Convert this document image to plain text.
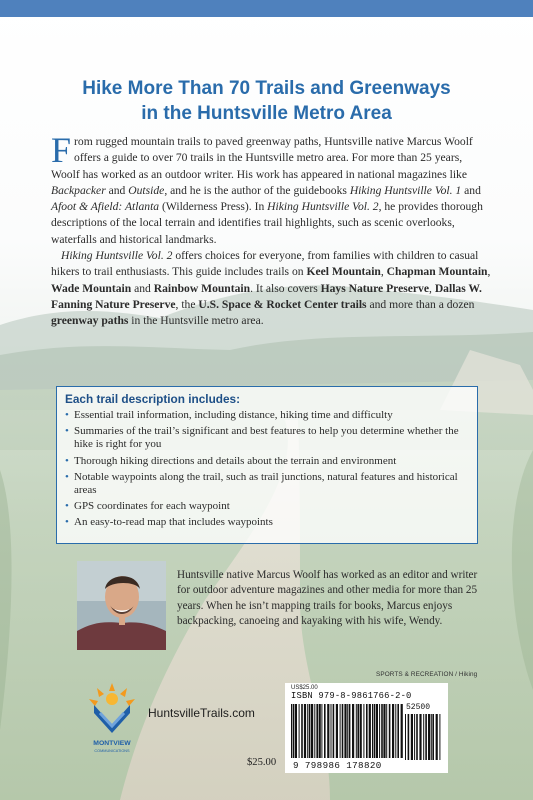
Hike More Than 70 Trails and Greenways
in the Huntsville Metro Area

From rugged mountain trails to paved greenway paths, Huntsville native Marcus Woolf offers a guide to over 70 trails in the Huntsville metro area. For more than 25 years, Woolf has worked as an outdoor writer. His work has appeared in national magazines like Backpacker and Outside, and he is the author of the guidebooks Hiking Huntsville Vol. 1 and Afoot & Afield: Atlanta (Wilderness Press). In Hiking Huntsville Vol. 2, he provides thorough descriptions of the local terrain and identifies trail highlights, such as scenic overlooks, waterfalls and historical landmarks.

Hiking Huntsville Vol. 2 offers choices for everyone, from families with children to casual hikers to trail enthusiasts. This guide includes trails on Keel Mountain, Chapman Mountain, Wade Mountain and Rainbow Mountain. It also covers Hays Nature Preserve, Dallas W. Fanning Nature Preserve, the U.S. Space & Rocket Center trails and more than a dozen greenway paths in the Huntsville metro area.

Each trail description includes:
• Essential trail information, including distance, hiking time and difficulty
• Summaries of the trail’s significant and best features to help you determine whether the hike is right for you
• Thorough hiking directions and details about the terrain and environment
• Notable waypoints along the trail, such as trail junctions, natural features and historical areas
• GPS coordinates for each waypoint
• An easy-to-read map that includes waypoints
Huntsville native Marcus Woolf has worked as an editor and writer for outdoor adventure magazines and other media for more than 25 years. When he isn’t mapping trails for books, Marcus enjoys backpacking, canoeing and kayaking with his wife, Wendy.
MONTVIEW
COMMUNICATIONS
HuntsvilleTrails.com
SPORTS & RECREATION / Hiking
US$25.00
ISBN 979-8-9861766-2-0
52500
9 798986 178820
$25.00
